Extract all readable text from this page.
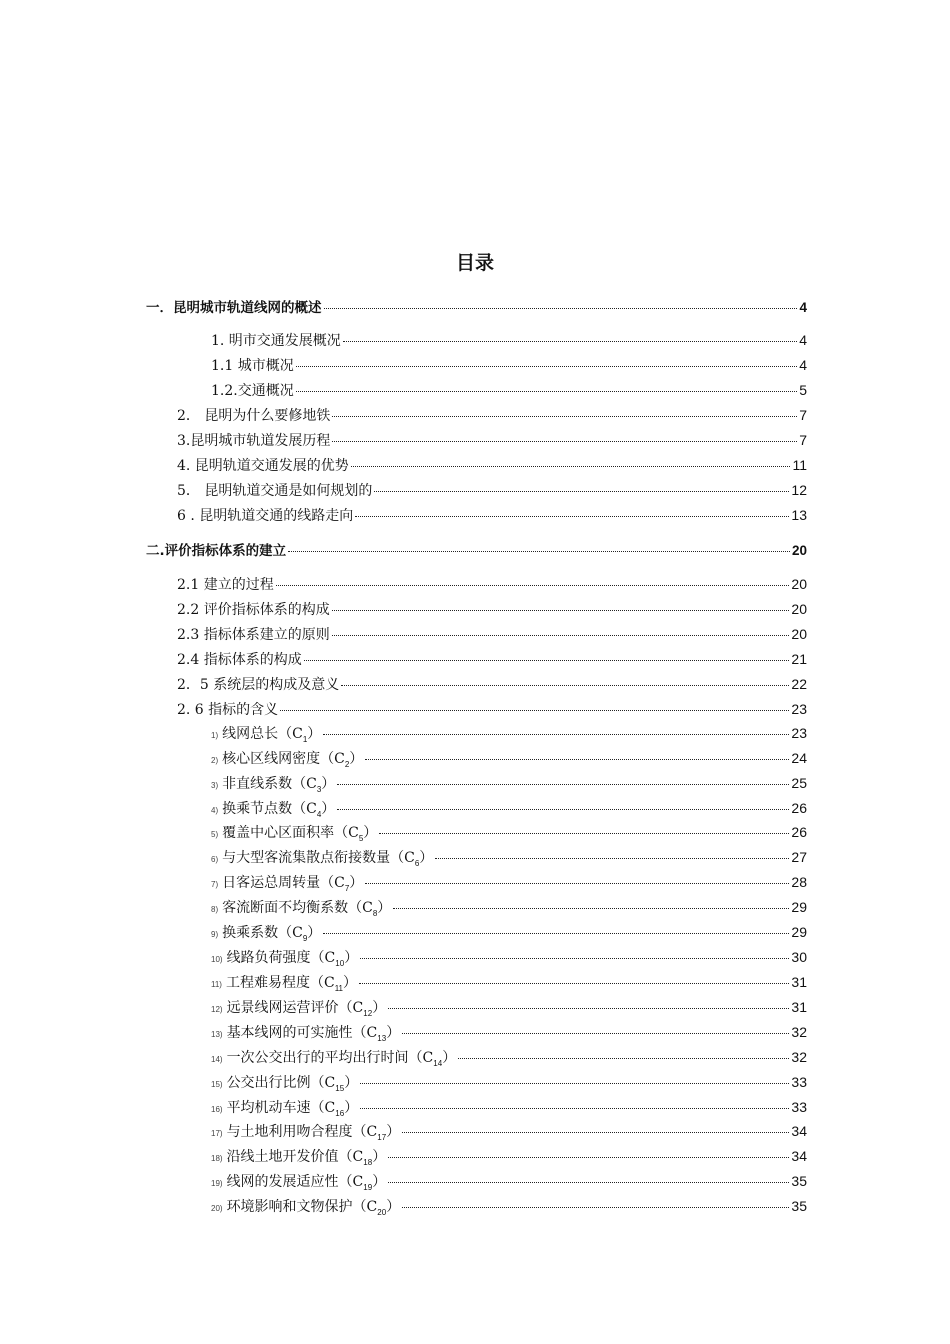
目录
一．昆明城市轨道线网的概述	4
1. 明市交通发展概况	4
1.1 城市概况	4
1.2.交通概况	5
2． 昆明为什么要修地铁	7
3.昆明城市轨道发展历程	7
4. 昆明轨道交通发展的优势	11
5． 昆明轨道交通是如何规划的	12
6 . 昆明轨道交通的线路走向	13
二.评价指标体系的建立	20
2.1 建立的过程	20
2.2 评价指标体系的构成	20
2.3 指标体系建立的原则	20
2.4 指标体系的构成	21
2．5 系统层的构成及意义	22
2. 6 指标的含义	23
1) 线网总长$(C_1)$	23
2) 核心区线网密度$(C_2)$	24
3) 非直线系数$(C_3)$	25
4) 换乘节点数$(C_4)$	26
5) 覆盖中心区面积率$(C_5)$	26
6) 与大型客流集散点衔接数量$(C_6)$	27
7) 日客运总周转量$(C_7)$	28
8) 客流断面不均衡系数$(C_8)$	29
9) 换乘系数$(C_9)$	29
10) 线路负荷强度$(C_{10})$	30
11) 工程难易程度$(C_{11})$	31
12) 远景线网运营评价$(C_{12})$	31
13) 基本线网的可实施性$(C_{13})$	32
14) 一次公交出行的平均出行时间$(C_{14})$	32
15) 公交出行比例$(C_{15})$	33
16) 平均机动车速$(C_{16})$	33
17) 与土地利用吻合程度$(C_{17})$	34
18) 沿线土地开发价值$(C_{18})$	34
19) 线网的发展适应性$(C_{19})$	35
20) 环境影响和文物保护$(C_{20})$	35
